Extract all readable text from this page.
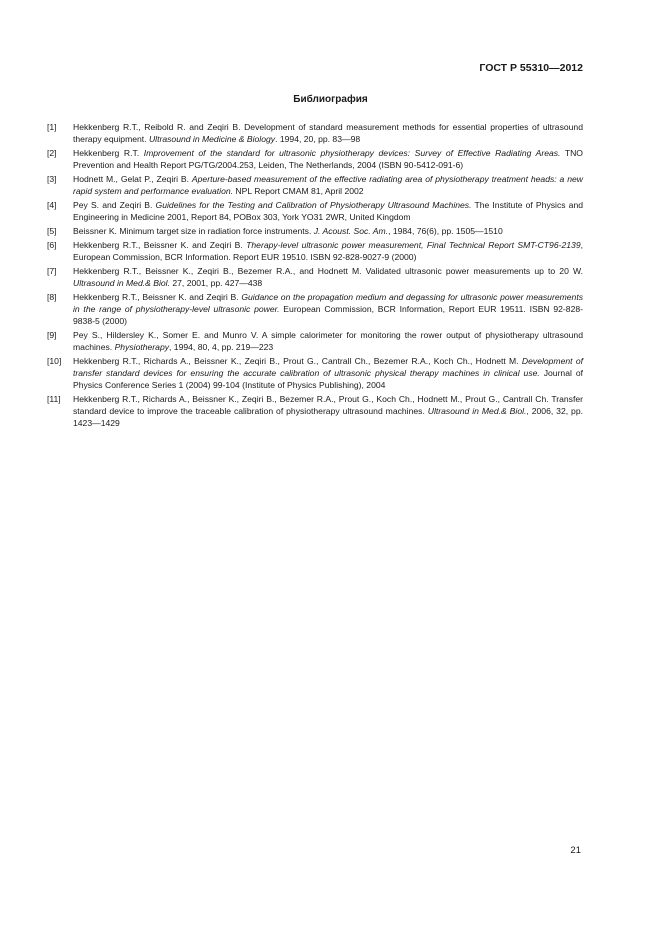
ГОСТ Р 55310—2012
Библиография
[1]	Hekkenberg R.T., Reibold R. and Zeqiri B. Development of standard measurement methods for essential properties of ultrasound therapy equipment. Ultrasound in Medicine & Biology. 1994, 20, pp. 83—98
[2]	Hekkenberg R.T. Improvement of the standard for ultrasonic physiotherapy devices: Survey of Effective Radiating Areas. TNO Prevention and Health Report PG/TG/2004.253, Leiden, The Netherlands, 2004 (ISBN 90-5412-091-6)
[3]	Hodnett M., Gelat P., Zeqiri B. Aperture-based measurement of the effective radiating area of physiotherapy treatment heads: a new rapid system and performance evaluation. NPL Report CMAM 81, April 2002
[4]	Pey S. and Zeqiri B. Guidelines for the Testing and Calibration of Physiotherapy Ultrasound Machines. The Institute of Physics and Engineering in Medicine 2001, Report 84, POBox 303, York YO31 2WR, United Kingdom
[5]	Beissner K. Minimum target size in radiation force instruments. J. Acoust. Soc. Am., 1984, 76(6), pp. 1505—1510
[6]	Hekkenberg R.T., Beissner K. and Zeqiri B. Therapy-level ultrasonic power measurement, Final Technical Report SMT-CT96-2139, European Commission, BCR Information. Report EUR 19510. ISBN 92-828-9027-9 (2000)
[7]	Hekkenberg R.T., Beissner K., Zeqiri B., Bezemer R.A., and Hodnett M. Validated ultrasonic power measurements up to 20 W. Ultrasound in Med.& Biol. 27, 2001, pp. 427—438
[8]	Hekkenberg R.T., Beissner K. and Zeqiri B. Guidance on the propagation medium and degassing for ultrasonic power measurements in the range of physiotherapy-level ultrasonic power. European Commission, BCR Information, Report EUR 19511. ISBN 92-828-9838-5 (2000)
[9]	Pey S., Hildersley K., Somer E. and Munro V. A simple calorimeter for monitoring the rower output of physiotherapy ultrasound machines. Physiotherapy, 1994, 80, 4, pp. 219—223
[10]	Hekkenberg R.T., Richards A., Beissner K., Zeqiri B., Prout G., Cantrall Ch., Bezemer R.A., Koch Ch., Hodnett M. Development of transfer standard devices for ensuring the accurate calibration of ultrasonic physical therapy machines in clinical use. Journal of Physics Conference Series 1 (2004) 99-104 (Institute of Physics Publishing), 2004
[11]	Hekkenberg R.T., Richards A., Beissner K., Zeqiri B., Bezemer R.A., Prout G., Koch Ch., Hodnett M., Prout G., Cantrall Ch. Transfer standard device to improve the traceable calibration of physiotherapy ultrasound machines. Ultrasound in Med.& Biol., 2006, 32, pp. 1423—1429
21
